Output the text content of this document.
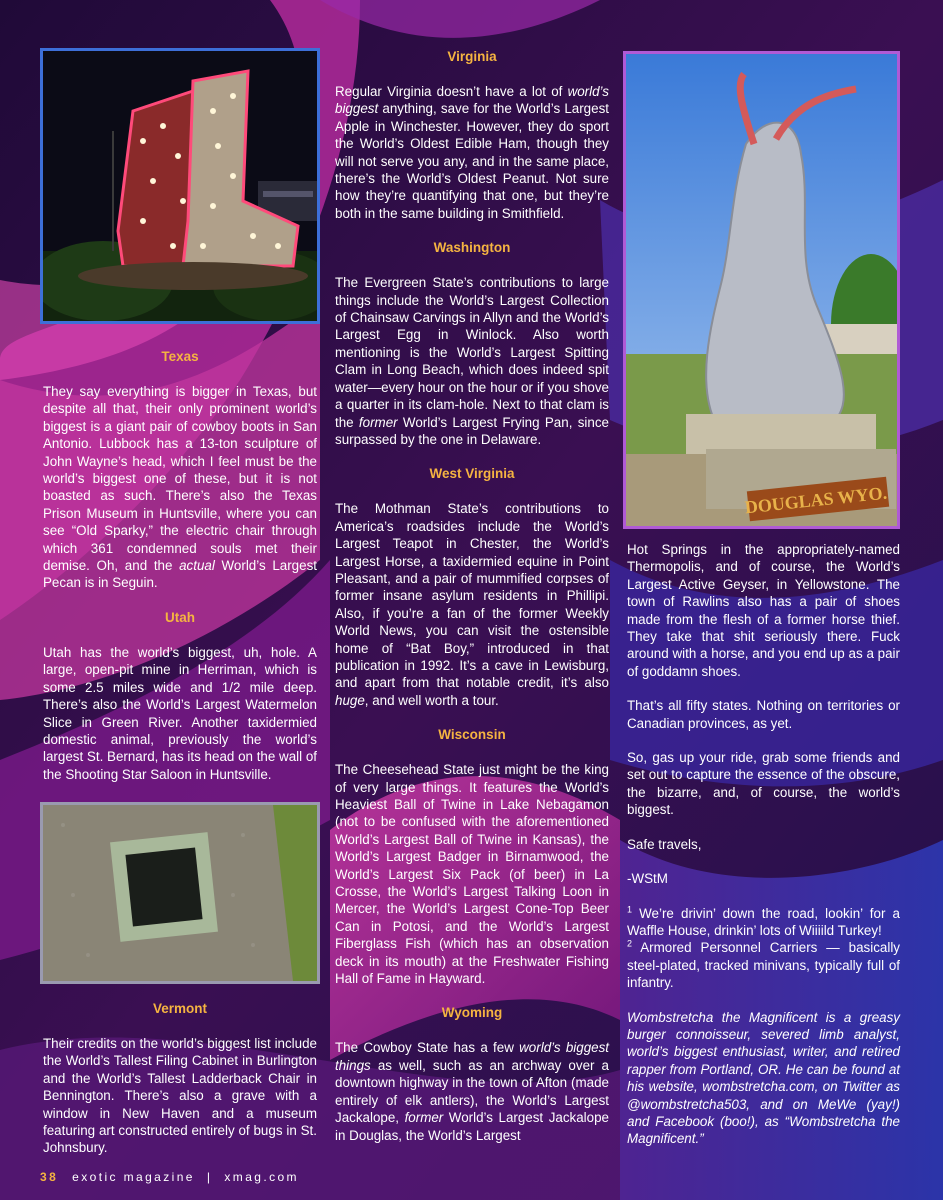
DOUGLAS WYO.
Texas

They say everything is bigger in Texas, but despite all that, their only prominent world’s biggest is a giant pair of cowboy boots in San Antonio. Lubbock has a 13-ton sculpture of John Wayne’s head, which I feel must be the world’s biggest one of these, but it is not boasted as such. There’s also the Texas Prison Museum in Huntsville, where you can see “Old Sparky,” the electric chair through which 361 condemned souls met their demise. Oh, and the actual World’s Largest Pecan is in Seguin.

Utah

Utah has the world’s biggest, uh, hole. A large, open-pit mine in Herriman, which is some 2.5 miles wide and 1/2 mile deep. There’s also the World’s Largest Watermelon Slice in Green River. Another taxidermied domestic animal, previously the world’s largest St. Bernard, has its head on the wall of the Shooting Star Saloon in Huntsville.

Vermont

Their credits on the world’s biggest list include the World’s Tallest Filing Cabinet in Burlington and the World’s Tallest Ladderback Chair in Bennington. There’s also a grave with a window in New Haven and a museum featuring art constructed entirely of bugs in St. Johnsbury.

Virginia

Regular Virginia doesn’t have a lot of world’s biggest anything, save for the World’s Largest Apple in Winchester. However, they do sport the World’s Oldest Edible Ham, though they will not serve you any, and in the same place, there’s the World’s Oldest Peanut. Not sure how they’re quantifying that one, but they’re both in the same building in Smithfield.

Washington

The Evergreen State’s contributions to large things include the World’s Largest Collection of Chainsaw Carvings in Allyn and the World’s Largest Egg in Winlock. Also worth mentioning is the World’s Largest Spitting Clam in Long Beach, which does indeed spit water—every hour on the hour or if you shove a quarter in its clam-hole. Next to that clam is the former World’s Largest Frying Pan, since surpassed by the one in Delaware.

West Virginia

The Mothman State’s contributions to America’s roadsides include the World’s Largest Teapot in Chester, the World’s Largest Horse, a taxidermied equine in Point Pleasant, and a pair of mummified corpses of former insane asylum residents in Phillipi. Also, if you’re a fan of the former Weekly World News, you can visit the ostensible home of “Bat Boy,” introduced in that publication in 1992. It’s a cave in Lewisburg, and apart from that notable credit, it’s also huge, and well worth a tour.

Wisconsin

The Cheesehead State just might be the king of very large things. It features the World’s Heaviest Ball of Twine in Lake Nebagamon (not to be confused with the aforementioned World’s Largest Ball of Twine in Kansas), the World’s Largest Badger in Birnamwood, the World’s Largest Six Pack (of beer) in La Crosse, the World’s Largest Talking Loon in Mercer, the World’s Largest Cone-Top Beer Can in Potosi, and the World’s Largest Fiberglass Fish (which has an observation deck in its mouth) at the Freshwater Fishing Hall of Fame in Hayward.

Wyoming

The Cowboy State has a few world’s biggest things as well, such as an archway over a downtown highway in the town of Afton (made entirely of elk antlers), the World’s Largest Jackalope, former World’s Largest Jackalope in Douglas, the World’s Largest

Hot Springs in the appropriately-named Thermopolis, and of course, the World’s Largest Active Geyser, in Yellowstone. The town of Rawlins also has a pair of shoes made from the flesh of a former horse thief. They take that shit seriously there. Fuck around with a horse, and you end up as a pair of goddamn shoes.

That’s all fifty states. Nothing on territories or Canadian provinces, as yet.

So, gas up your ride, grab some friends and set out to capture the essence of the obscure, the bizarre, and, of course, the world’s biggest.

Safe travels,

-WStM

$^1$ We’re drivin’ down the road, lookin’ for a Waffle House, drinkin’ lots of Wiiiild Turkey!

$^2$ Armored Personnel Carriers — basically steel-plated, tracked minivans, typically full of infantry.

Wombstretcha the Magnificent is a greasy burger connoisseur, severed limb analyst, world’s biggest enthusiast, writer, and retired rapper from Portland, OR. He can be found at his website, wombstretcha.com, on Twitter as @wombstretcha503, and on MeWe (yay!) and Facebook (boo!), as “Wombstretcha the Magnificent.”

38 exotic magazine | xmag.com
